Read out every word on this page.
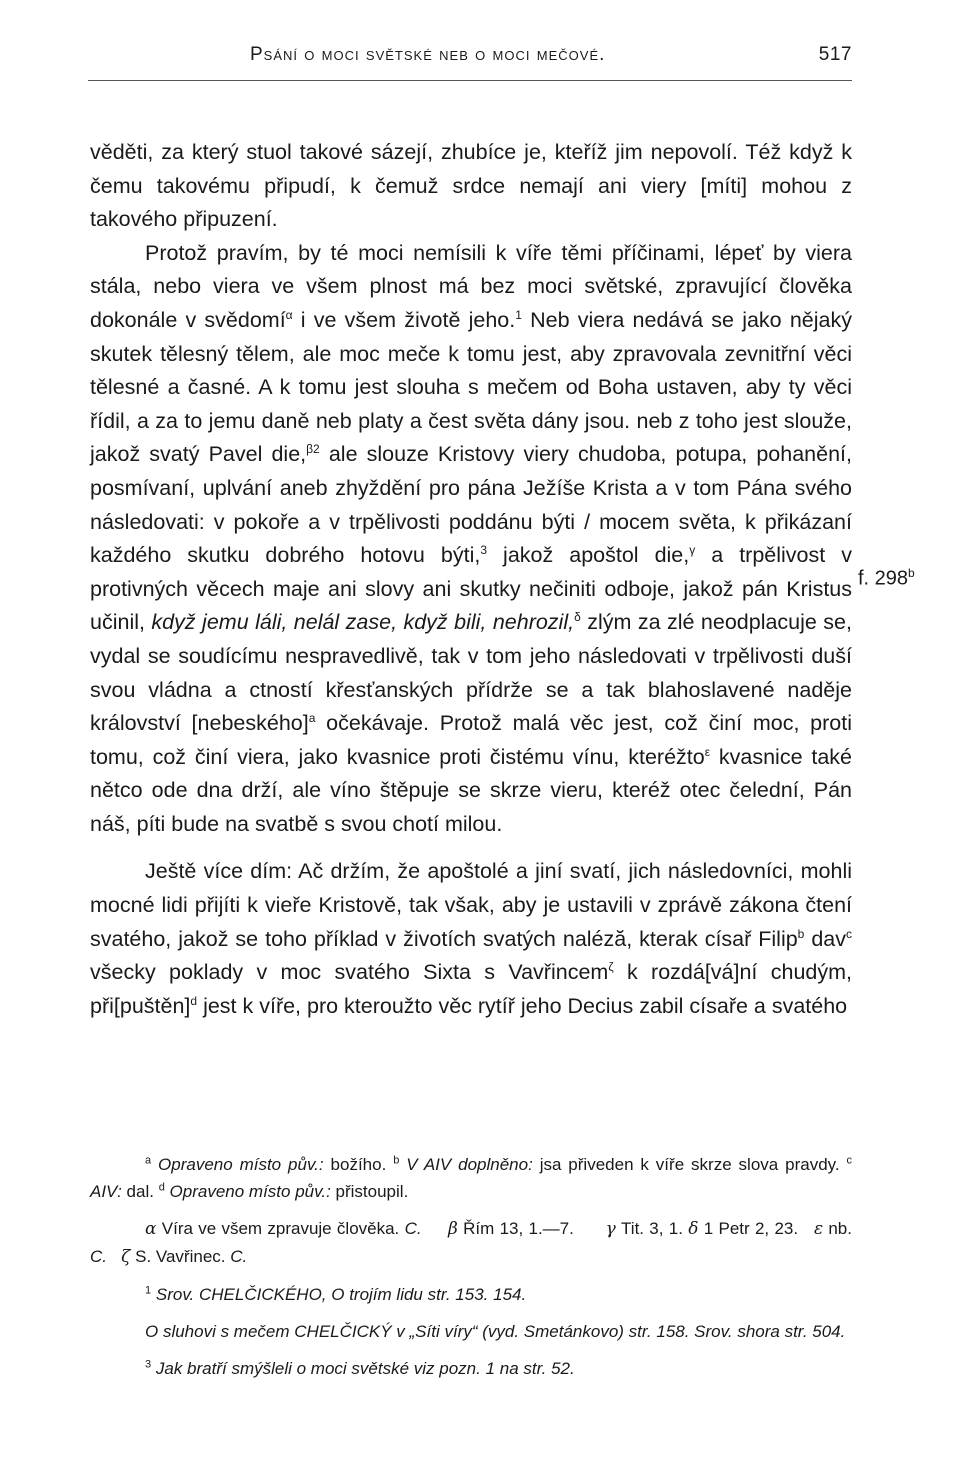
Psání o moci světské neb o moci mečové.	517
f. 298$^b$

věděti, za který stuol takové sázejí, zhubíce je, kteříž jim nepovolí. Též když k čemu takovému připudí, k čemuž srdce nemají ani viery [míti] mohou z takového připuzení.

Protož pravím, by té moci nemísili k víře těmi příčinami, lépeť by viera stála, nebo viera ve všem plnost má bez moci světské, zpravující člověka dokonále v svědomí$^\alpha$ i ve všem životě jeho.$^1$ Neb viera nedává se jako nějaký skutek tělesný tělem, ale moc meče k tomu jest, aby zpravovala zevnitřní věci tělesné a časné. A k tomu jest slouha s mečem od Boha ustaven, aby ty věci řídil, a za to jemu daně neb platy a čest světa dány jsou. neb z toho jest slouže, jakož svatý Pavel die,$^{\beta 2}$ ale slouze Kristovy viery chudoba, potupa, pohanění, posmívaní, uplvání aneb zhyždění pro pána Ježíše Krista a v tom Pána svého následovati: v pokoře a v trpělivosti poddánu býti / mocem světa, k přikázaní každého skutku dobrého hotovu býti,$^3$ jakož apoštol die,$^\gamma$ a trpělivost v protivných věcech maje ani slovy ani skutky nečiniti odboje, jakož pán Kristus učinil, když jemu láli, nelál zase, když bili, nehrozil,$^\delta$ zlým za zlé neodplacuje se, vydal se soudícímu nespravedlivě, tak v tom jeho následovati v trpělivosti duší svou vládna a ctností křesťanských přídrže se a tak blahoslavené naděje království [nebeského]$^a$ očekávaje. Protož malá věc jest, což činí moc, proti tomu, což činí viera, jako kvasnice proti čistému vínu, kteréžto$^\varepsilon$ kvasnice také nětco ode dna drží, ale víno štěpuje se skrze vieru, kteréž otec čelední, Pán náš, píti bude na svatbě s svou chotí milou.

Ještě více dím: Ač držím, že apoštolé a jiní svatí, jich následovníci, mohli mocné lidi přijíti k vieře Kristově, tak však, aby je ustavili v zprávě zákona čtení svatého, jakož se toho příklad v životích svatých naléză, kterak císař Filip$^b$ dav$^c$ všecky poklady v moc svatého Sixta s Vavřincem$^\zeta$ k rozdá[vá]ní chudým, při[puštěn]$^d$ jest k víře, pro kteroužto věc rytíř jeho Decius zabil císaře a svatého

$^a$ Opraveno místo pův.: božího. $^b$ V AIV doplněno: jsa přiveden k víře skrze slova pravdy. $^c$ AIV: dal. $^d$ Opraveno místo pův.: přistoupil.

α Víra ve všem zpravuje člověka. C. β Řím 13, 1.—7.      γ Tit. 3, 1. δ 1 Petr 2, 23.   ε nb. C. ζ S. Vavřinec. C.

$^1$ Srov. CHELČICKÉHO, O trojím lidu str. 153. 154.

O sluhovi s mečem CHELČICKÝ v „Síti víry“ (vyd. Smetánkovo) str. 158. Srov. shora str. 504.

$^3$ Jak bratří smýšleli o moci světské viz pozn. 1 na str. 52.
